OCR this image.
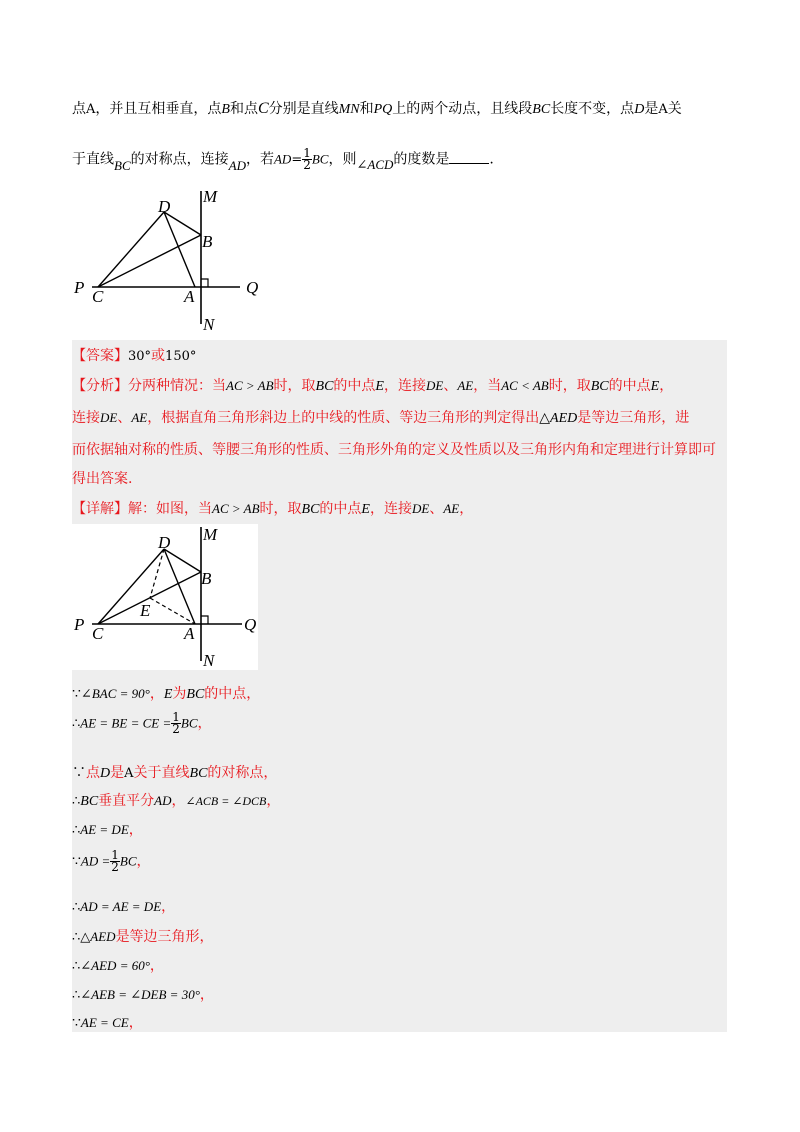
点A，并且互相垂直，点B和点C分别是直线MN和PQ上的两个动点，且线段BC长度不变，点D是A关
于直线BC的对称点，连接AD，若$AD= \frac{1}{2}$ BC，则∠ACD的度数是	.
M
N
P	Q
A
B
C
D
【答案】30°或150°
【分析】分两种情况：当AC > AB时，取BC的中点E，连接DE、AE，当AC < AB时，取BC的中点E，
连接DE、AE，根据直角三角形斜边上的中线的性质、等边三角形的判定得出△AED是等边三角形，进
而依据轴对称的性质、等腰三角形的性质、三角形外角的定义及性质以及三角形内角和定理进行计算即可
得出答案.
【详解】解：如图，当AC > AB时，取BC的中点E，连接DE、AE，
M
N
P	Q
A
B
C
D
E
∵∠BAC = 90°，E为BC的中点，
∴AE = BE = CE = $\frac{1}{2}$ BC，
∵点D是A关于直线BC的对称点，
∴BC垂直平分AD，∠ACB = ∠DCB，
∴AE = DE，
∵AD = $\frac{1}{2}$ BC，
∴AD = AE = DE，
∴△AED是等边三角形，
∴∠AED = 60°，
∴∠AEB = ∠DEB = 30°，
∵AE = CE，
